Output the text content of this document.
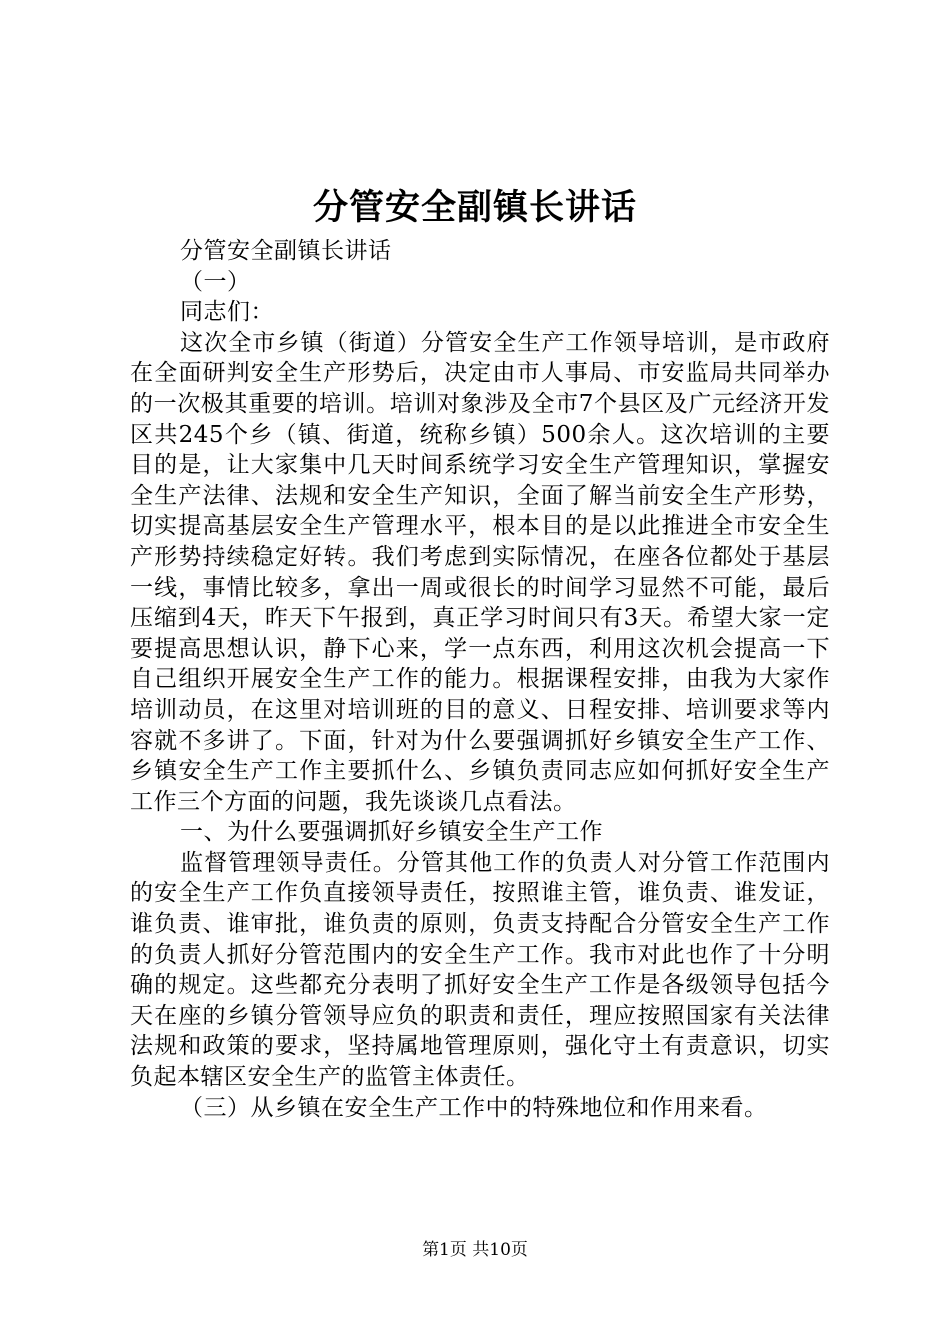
分管安全副镇长讲话

分管安全副镇长讲话

（一）

同志们：

这次全市乡镇（街道）分管安全生产工作领导培训，是市政府在全面研判安全生产形势后，决定由市人事局、市安监局共同举办的一次极其重要的培训。培训对象涉及全市7个县区及广元经济开发区共245个乡（镇、街道，统称乡镇）500余人。这次培训的主要目的是，让大家集中几天时间系统学习安全生产管理知识，掌握安全生产法律、法规和安全生产知识，全面了解当前安全生产形势，切实提高基层安全生产管理水平，根本目的是以此推进全市安全生产形势持续稳定好转。我们考虑到实际情况，在座各位都处于基层一线，事情比较多，拿出一周或很长的时间学习显然不可能，最后压缩到4天，昨天下午报到，真正学习时间只有3天。希望大家一定要提高思想认识，静下心来，学一点东西，利用这次机会提高一下自己组织开展安全生产工作的能力。根据课程安排，由我为大家作培训动员，在这里对培训班的目的意义、日程安排、培训要求等内容就不多讲了。下面，针对为什么要强调抓好乡镇安全生产工作、乡镇安全生产工作主要抓什么、乡镇负责同志应如何抓好安全生产工作三个方面的问题，我先谈谈几点看法。

一、为什么要强调抓好乡镇安全生产工作

监督管理领导责任。分管其他工作的负责人对分管工作范围内的安全生产工作负直接领导责任，按照谁主管，谁负责、谁发证，谁负责、谁审批，谁负责的原则，负责支持配合分管安全生产工作的负责人抓好分管范围内的安全生产工作。我市对此也作了十分明确的规定。这些都充分表明了抓好安全生产工作是各级领导包括今天在座的乡镇分管领导应负的职责和责任，理应按照国家有关法律法规和政策的要求，坚持属地管理原则，强化守土有责意识，切实负起本辖区安全生产的监管主体责任。

（三）从乡镇在安全生产工作中的特殊地位和作用来看。

第1页 共10页
